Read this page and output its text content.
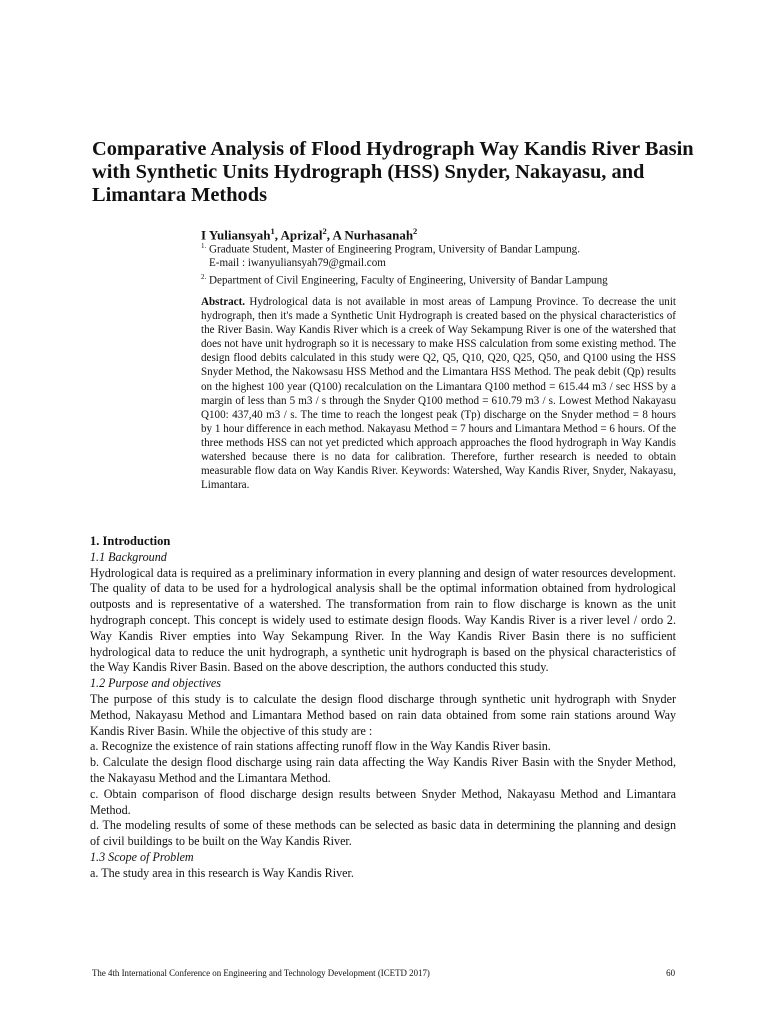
Comparative Analysis of Flood Hydrograph Way Kandis River Basin with Synthetic Units Hydrograph (HSS) Snyder, Nakayasu, and Limantara Methods
I Yuliansyah$^1$, Aprizal$^2$, A Nurhasanah$^2$

$^{1.}$ Graduate Student, Master of Engineering Program, University of Bandar Lampung.

E-mail : iwanyuliansyah79@gmail.com

$^{2.}$ Department of Civil Engineering, Faculty of Engineering, University of Bandar Lampung

Abstract. Hydrological data is not available in most areas of Lampung Province. To decrease the unit hydrograph, then it's made a Synthetic Unit Hydrograph is created based on the physical characteristics of the River Basin. Way Kandis River which is a creek of Way Sekampung River is one of the watershed that does not have unit hydrograph so it is necessary to make HSS calculation from some existing method. The design flood debits calculated in this study were Q2, Q5, Q10, Q20, Q25, Q50, and Q100 using the HSS Snyder Method, the Nakowsasu HSS Method and the Limantara HSS Method. The peak debit (Qp) results on the highest 100 year (Q100) recalculation on the Limantara Q100 method = 615.44 m3 / sec HSS by a margin of less than 5 m3 / s through the Snyder Q100 method = 610.79 m3 / s. Lowest Method Nakayasu Q100: 437,40 m3 / s. The time to reach the longest peak (Tp) discharge on the Snyder method = 8 hours by 1 hour difference in each method. Nakayasu Method = 7 hours and Limantara Method = 6 hours. Of the three methods HSS can not yet predicted which approach approaches the flood hydrograph in Way Kandis watershed because there is no data for calibration. Therefore, further research is needed to obtain measurable flow data on Way Kandis River. Keywords: Watershed, Way Kandis River, Snyder, Nakayasu, Limantara.

1. Introduction
1.1 Background

Hydrological data is required as a preliminary information in every planning and design of water resources development. The quality of data to be used for a hydrological analysis shall be the optimal information obtained from hydrological outposts and is representative of a watershed. The transformation from rain to flow discharge is known as the unit hydrograph concept. This concept is widely used to estimate design floods. Way Kandis River is a river level / ordo 2. Way Kandis River empties into Way Sekampung River. In the Way Kandis River Basin there is no sufficient hydrological data to reduce the unit hydrograph, a synthetic unit hydrograph is based on the physical characteristics of the Way Kandis River Basin. Based on the above description, the authors conducted this study.

1.2 Purpose and objectives

The purpose of this study is to calculate the design flood discharge through synthetic unit hydrograph with Snyder Method, Nakayasu Method and Limantara Method based on rain data obtained from some rain stations around Way Kandis River Basin. While the objective of this study are :

a. Recognize the existence of rain stations affecting runoff flow in the Way Kandis River basin.

b. Calculate the design flood discharge using rain data affecting the Way Kandis River Basin with the Snyder Method, the Nakayasu Method and the Limantara Method.

c. Obtain comparison of flood discharge design results between Snyder Method, Nakayasu Method and Limantara Method.

d. The modeling results of some of these methods can be selected as basic data in determining the planning and design of civil buildings to be built on the Way Kandis River.

1.3 Scope of Problem

a. The study area in this research is Way Kandis River.

The 4th International Conference on Engineering and Technology Development (ICETD 2017)	60
